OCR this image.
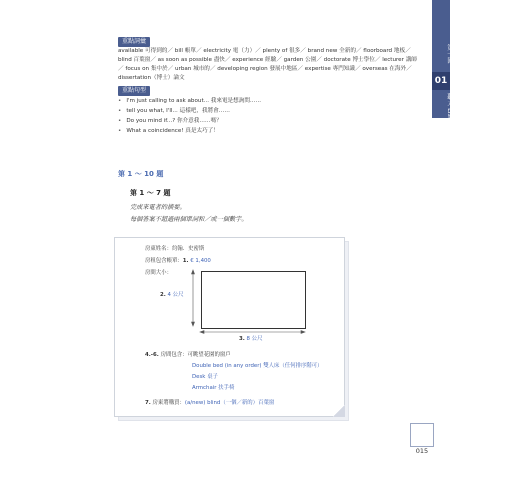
重點詞彙
available 可得到的／ bill 帳單／ electricity 電（力）／ plenty of 很多／ brand new 全新的／ floorboard 地板／ blind 百葉窗／ as soon as possible 盡快／ experience 經驗／ garden 公園／ doctorate 博士學位／ lecturer 講師／ focus on 集中於／ urban 城市的／ developing region 發展中地區／ expertise 專門知識／ overseas 在海外／ dissertation（博士）論文
重點句型
• I'm just calling to ask about... 我來電是想詢問……
• tell you what, I'll... 這樣吧，我將會……
• Do you mind if...? 你介意我……嗎？
• What a coincidence! 真是太巧了！
第一回
01
聽力 Listening
第 1 ～ 10 題
第 1 ～ 7 題
完成來電者的摘要。
每個答案不超過兩個單詞和／或一個數字。
房東姓名：約翰．史密斯
房租包含帳單：1. € 1,400
房間大小：
2. 4 公尺
3. 8 公尺
4.-6. 房間包含：可眺望花園的窗戶
Double bed (in any order) 雙人床（任何排序階可）
Desk 桌子
Armchair 扶手椅
7. 房東將購買：(a/new) blind（一個／新的）百葉窗
015
